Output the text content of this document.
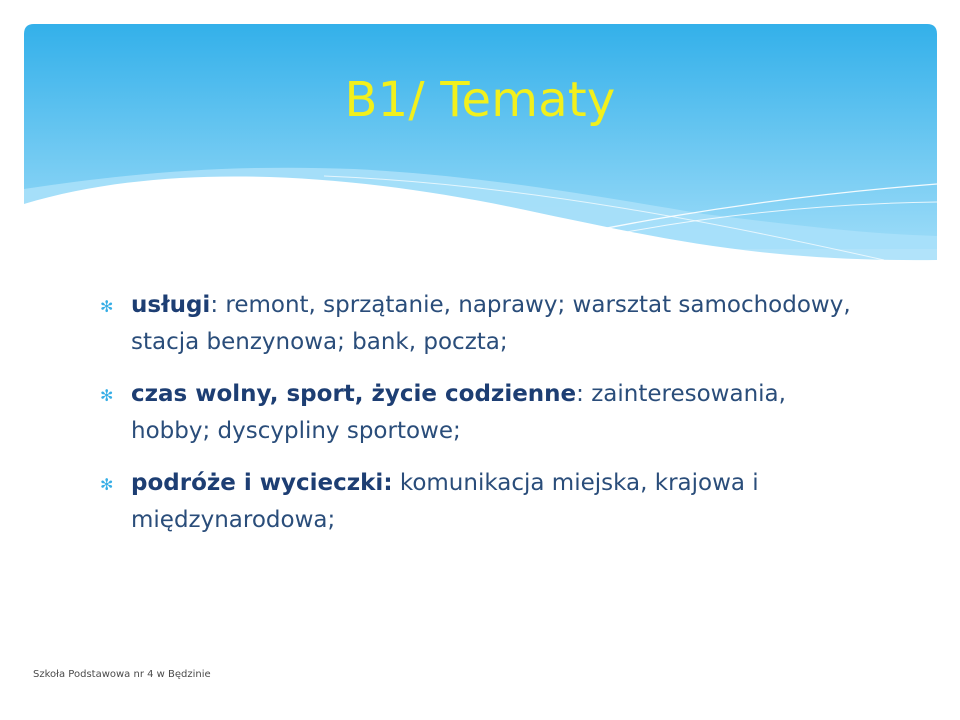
B1/ Tematy
✻ usługi: remont, sprzątanie, naprawy; warsztat samochodowy, stacja benzynowa; bank, poczta;
✻ czas wolny, sport, życie codzienne: zainteresowania, hobby; dyscypliny sportowe;
✻ podróże i wycieczki: komunikacja miejska, krajowa i międzynarodowa;
Szkoła Podstawowa nr 4 w Będzinie
